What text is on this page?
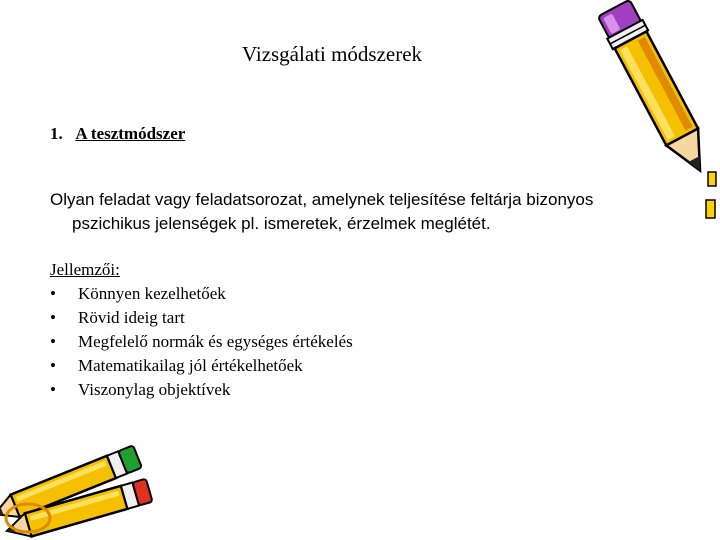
Vizsgálati módszerek
1. A tesztmódszer

Olyan feladat vagy feladatsorozat, amelynek teljesítése feltárja bizonyos pszichikus jelenségek pl. ismeretek, érzelmek meglétét.

Jellemzői:
•	Könnyen kezelhetőek
•	Rövid ideig tart
•	Megfelelő normák és egységes értékelés
•	Matematikailag jól értékelhetőek
•	Viszonylag objektívek
